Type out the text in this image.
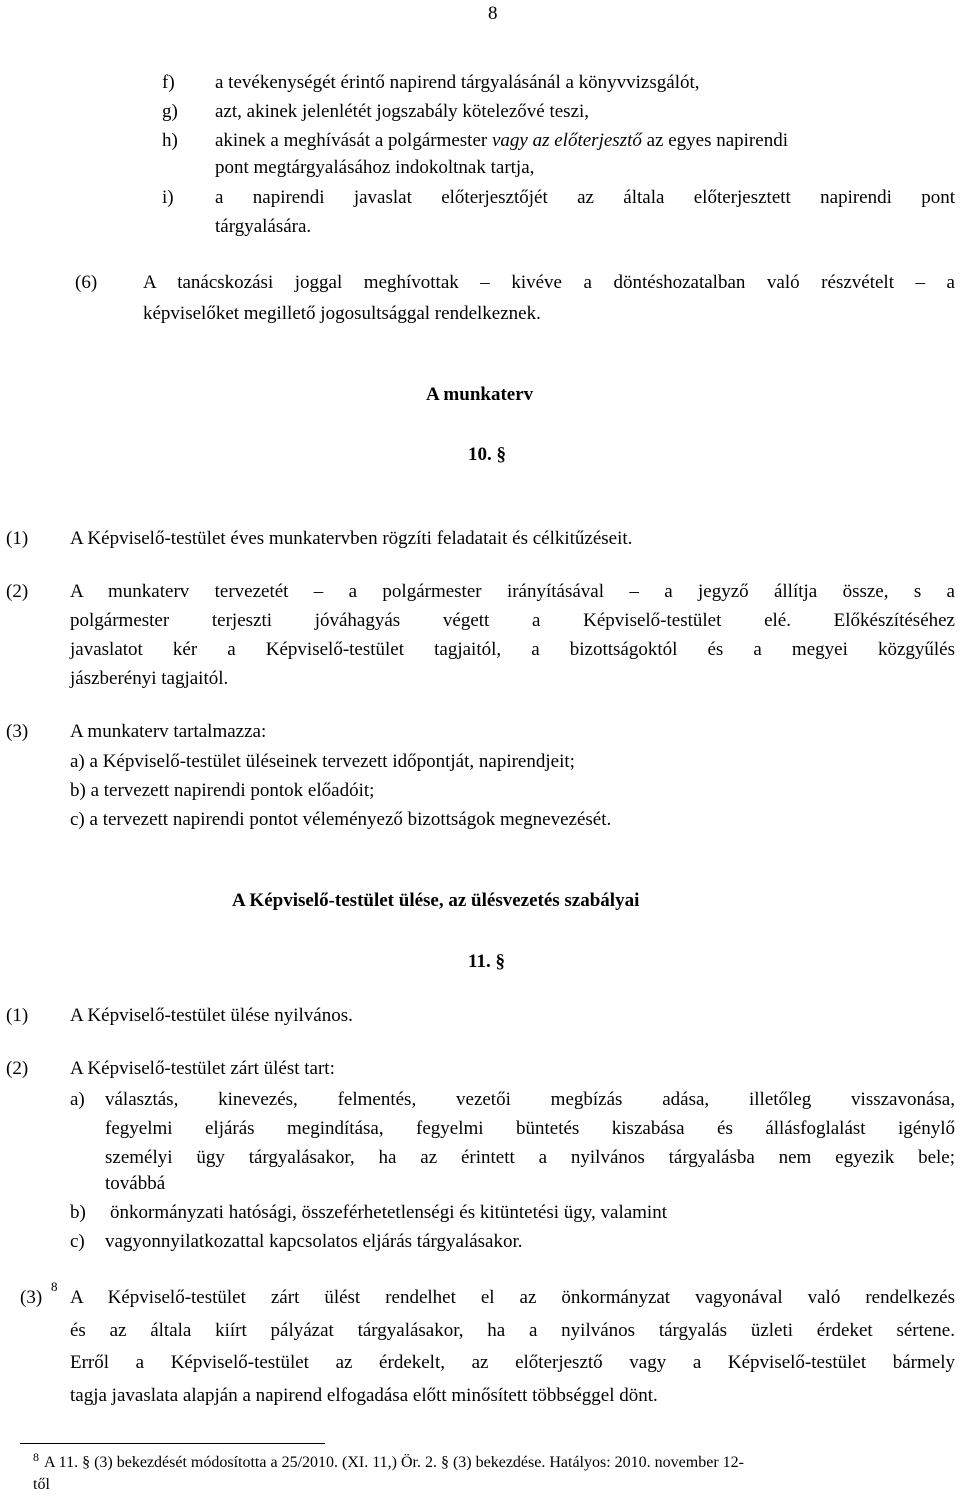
8
f) a tevékenységét érintő napirend tárgyalásánál a könyvvizsgálót,
g) azt, akinek jelenlétét jogszabály kötelezővé teszi,
h) akinek a meghívását a polgármester vagy az előterjesztő az egyes napirendi
pont megtárgyalásához indokoltnak tartja,
i) a napirendi javaslat előterjesztőjét az általa előterjesztett napirendi pont
tárgyalására.
(6) A tanácskozási joggal meghívottak – kivéve a döntéshozatalban való részvételt – a
képviselőket megillető jogosultsággal rendelkeznek.
A munkaterv
10. §
(1) A Képviselő-testület éves munkatervben rögzíti feladatait és célkitűzéseit.
(2) A munkaterv tervezetét – a polgármester irányításával – a jegyző állítja össze, s a
polgármester terjeszti jóváhagyás végett a Képviselő-testület elé. Előkészítéséhez
javaslatot kér a Képviselő-testület tagjaitól, a bizottságoktól és a megyei közgyűlés
jászberényi tagjaitól.
(3) A munkaterv tartalmazza:
a) a Képviselő-testület üléseinek tervezett időpontját, napirendjeit;
b) a tervezett napirendi pontok előadóit;
c) a tervezett napirendi pontot véleményező bizottságok megnevezését.
A Képviselő-testület ülése, az ülésvezetés szabályai
11. §
(1) A Képviselő-testület ülése nyilvános.
(2) A Képviselő-testület zárt ülést tart:
a) választás, kinevezés, felmentés, vezetői megbízás adása, illetőleg visszavonása,
fegyelmi eljárás megindítása, fegyelmi büntetés kiszabása és állásfoglalást igénylő
személyi ügy tárgyalásakor, ha az érintett a nyilvános tárgyalásba nem egyezik bele;
továbbá
b) önkormányzati hatósági, összeférhetetlenségi és kitüntetési ügy, valamint
c) vagyonnyilatkozattal kapcsolatos eljárás tárgyalásakor.
(3)
8
A Képviselő-testület zárt ülést rendelhet el az önkormányzat vagyonával való rendelkezés
és az általa kiírt pályázat tárgyalásakor, ha a nyilvános tárgyalás üzleti érdeket sértene.
Erről a Képviselő-testület az érdekelt, az előterjesztő vagy a Képviselő-testület bármely
tagja javaslata alapján a napirend elfogadása előtt minősített többséggel dönt.
8 A 11. § (3) bekezdését módosította a 25/2010. (XI. 11,) Ör. 2. § (3) bekezdése. Hatályos: 2010. november 12-
től
